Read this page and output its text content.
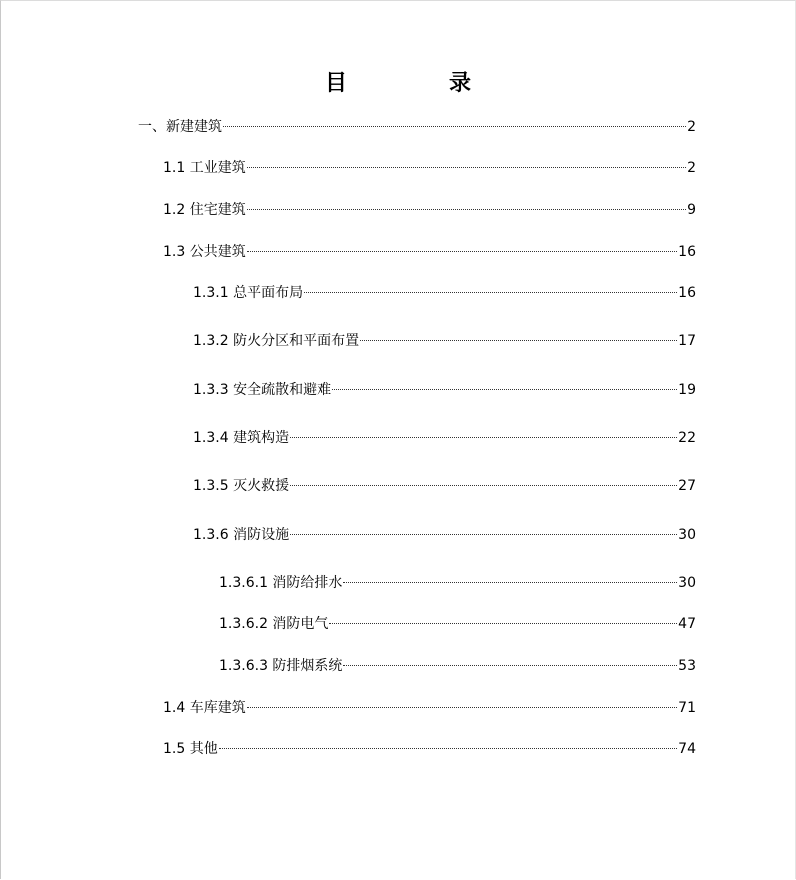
目　录
一、新建建筑	2
1.1 工业建筑	2
1.2 住宅建筑	9
1.3 公共建筑	16
1.3.1 总平面布局	16
1.3.2 防火分区和平面布置	17
1.3.3 安全疏散和避难	19
1.3.4 建筑构造	22
1.3.5 灭火救援	27
1.3.6 消防设施	30
1.3.6.1 消防给排水	30
1.3.6.2 消防电气	47
1.3.6.3 防排烟系统	53
1.4 车库建筑	71
1.5 其他	74
